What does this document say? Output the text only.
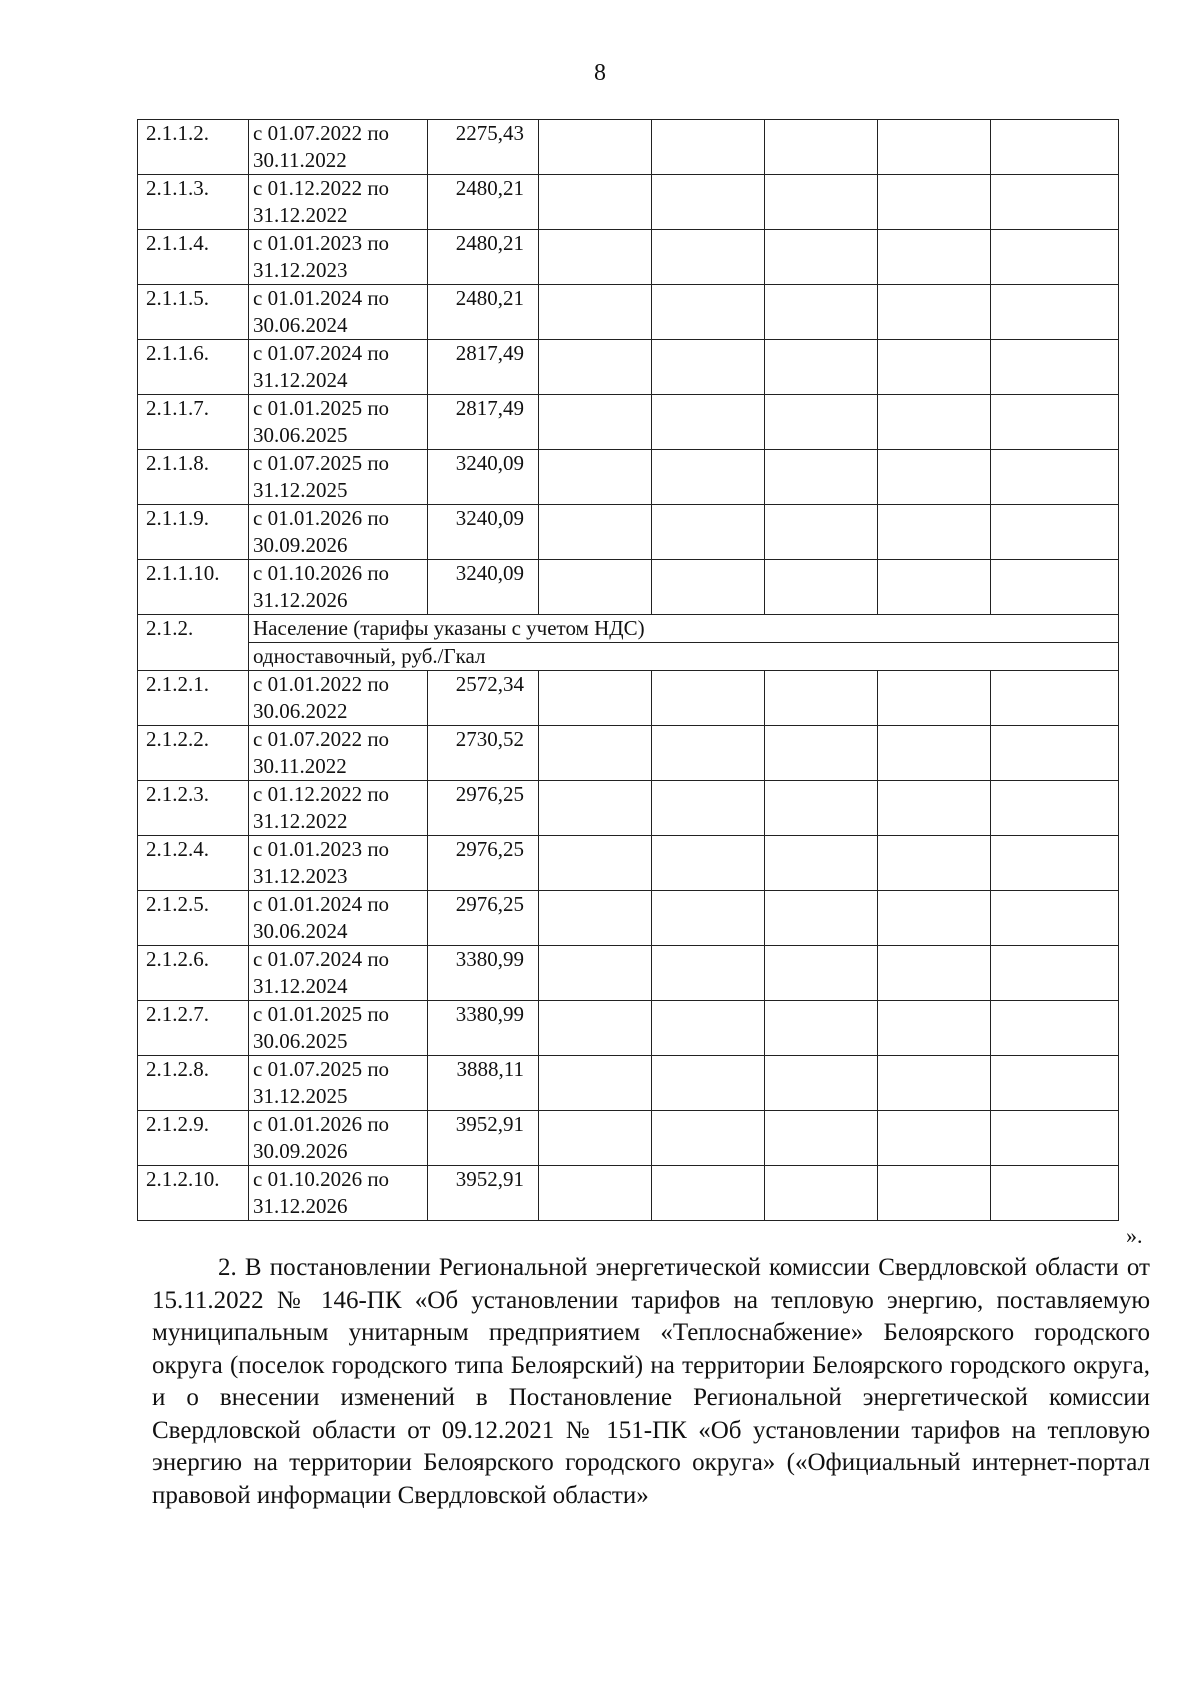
8
2.1.1.2.	с 01.07.2022 по 30.11.2022	2275,43					
2.1.1.3.	с 01.12.2022 по 31.12.2022	2480,21					
2.1.1.4.	с 01.01.2023 по 31.12.2023	2480,21					
2.1.1.5.	с 01.01.2024 по 30.06.2024	2480,21					
2.1.1.6.	с 01.07.2024 по 31.12.2024	2817,49					
2.1.1.7.	с 01.01.2025 по 30.06.2025	2817,49					
2.1.1.8.	с 01.07.2025 по 31.12.2025	3240,09					
2.1.1.9.	с 01.01.2026 по 30.09.2026	3240,09					
2.1.1.10.	с 01.10.2026 по 31.12.2026	3240,09					
2.1.2.	Население (тарифы указаны с учетом НДС)						
	одноставочный, руб./Гкал						
2.1.2.1.	с 01.01.2022 по 30.06.2022	2572,34					
2.1.2.2.	с 01.07.2022 по 30.11.2022	2730,52					
2.1.2.3.	с 01.12.2022 по 31.12.2022	2976,25					
2.1.2.4.	с 01.01.2023 по 31.12.2023	2976,25					
2.1.2.5.	с 01.01.2024 по 30.06.2024	2976,25					
2.1.2.6.	с 01.07.2024 по 31.12.2024	3380,99					
2.1.2.7.	с 01.01.2025 по 30.06.2025	3380,99					
2.1.2.8.	с 01.07.2025 по 31.12.2025	3888,11					
2.1.2.9.	с 01.01.2026 по 30.09.2026	3952,91					
2.1.2.10.	с 01.10.2026 по 31.12.2026	3952,91					
».

2. В постановлении Региональной энергетической комиссии Свердловской области от 15.11.2022 № 146-ПК «Об установлении тарифов на тепловую энергию, поставляемую муниципальным унитарным предприятием «Теплоснабжение» Белоярского городского округа (поселок городского типа Белоярский) на территории Белоярского городского округа, и о внесении изменений в Постановление Региональной энергетической комиссии Свердловской области от 09.12.2021 № 151-ПК «Об установлении тарифов на тепловую энергию на территории Белоярского городского округа» («Официальный интернет-портал правовой информации Свердловской области»
